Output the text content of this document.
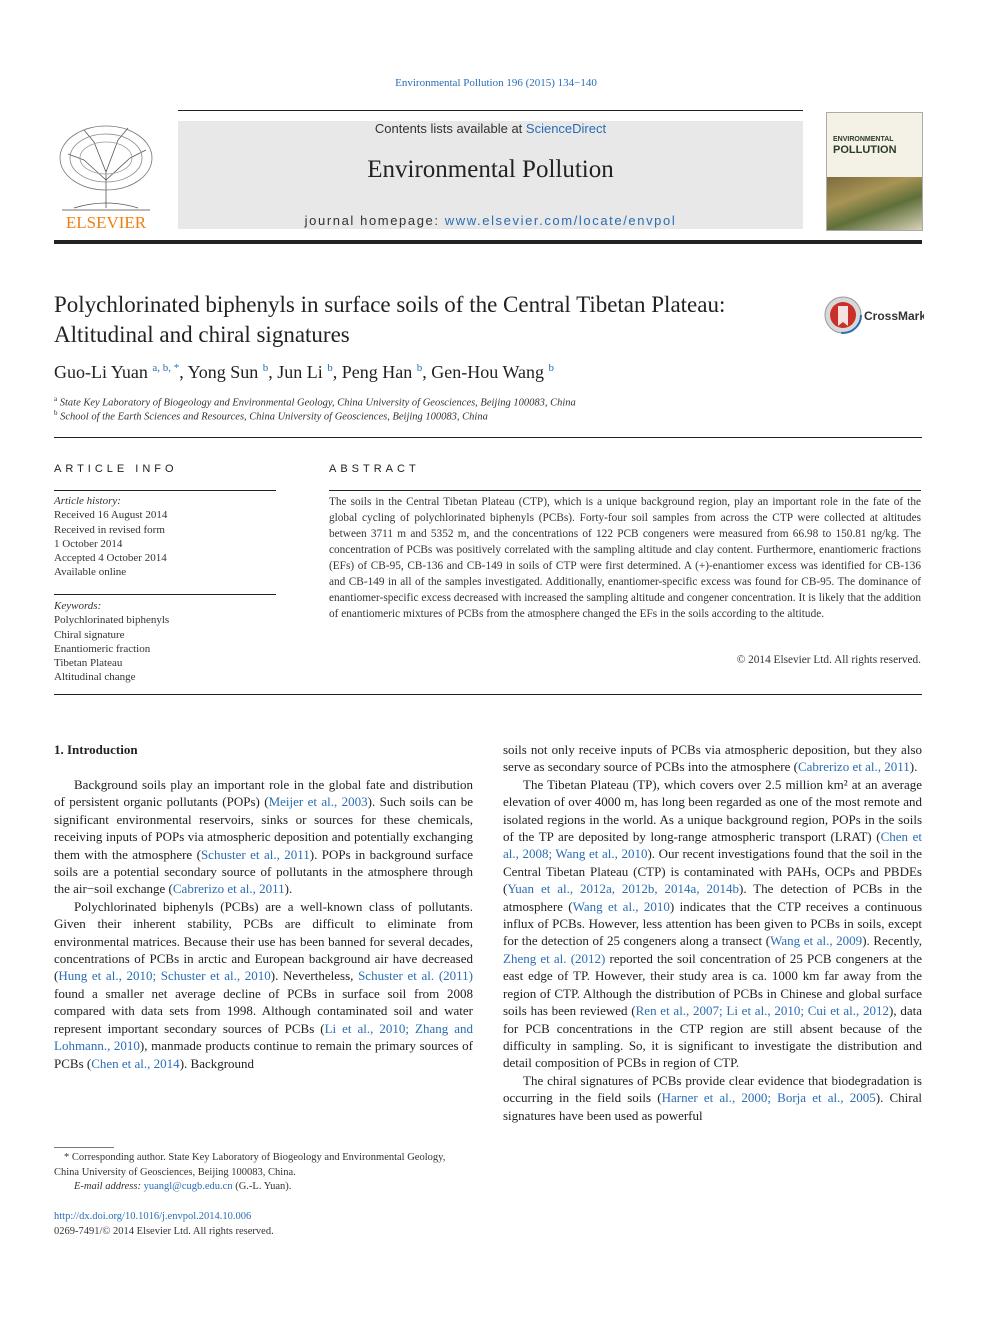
Environmental Pollution 196 (2015) 134−140
ELSEVIER
Contents lists available at ScienceDirect
Environmental Pollution
journal homepage: www.elsevier.com/locate/envpol
ENVIRONMENTAL
POLLUTION
Polychlorinated biphenyls in surface soils of the Central Tibetan Plateau: Altitudinal and chiral signatures
CrossMark
Guo-Li Yuan $^{a, b, *}$, Yong Sun $^b$, Jun Li $^b$, Peng Han $^b$, Gen-Hou Wang $^b$
$^a$ State Key Laboratory of Biogeology and Environmental Geology, China University of Geosciences, Beijing 100083, China
$^b$ School of the Earth Sciences and Resources, China University of Geosciences, Beijing 100083, China
ARTICLE INFO
Article history:
Received 16 August 2014
Received in revised form
1 October 2014
Accepted 4 October 2014
Available online
Keywords:
Polychlorinated biphenyls
Chiral signature
Enantiomeric fraction
Tibetan Plateau
Altitudinal change
ABSTRACT
The soils in the Central Tibetan Plateau (CTP), which is a unique background region, play an important role in the fate of the global cycling of polychlorinated biphenyls (PCBs). Forty-four soil samples from across the CTP were collected at altitudes between 3711 m and 5352 m, and the concentrations of 122 PCB congeners were measured from 66.98 to 150.81 ng/kg. The concentration of PCBs was positively correlated with the sampling altitude and clay content. Furthermore, enantiomeric fractions (EFs) of CB-95, CB-136 and CB-149 in soils of CTP were first determined. A (+)-enantiomer excess was identified for CB-136 and CB-149 in all of the samples investigated. Additionally, enantiomer-specific excess was found for CB-95. The dominance of enantiomer-specific excess decreased with increased the sampling altitude and congener concentration. It is likely that the addition of enantiomeric mixtures of PCBs from the atmosphere changed the EFs in the soils according to the altitude.
© 2014 Elsevier Ltd. All rights reserved.
1. Introduction

Background soils play an important role in the global fate and distribution of persistent organic pollutants (POPs) (Meijer et al., 2003). Such soils can be significant environmental reservoirs, sinks or sources for these chemicals, receiving inputs of POPs via atmospheric deposition and potentially exchanging them with the atmosphere (Schuster et al., 2011). POPs in background surface soils are a potential secondary source of pollutants in the atmosphere through the air−soil exchange (Cabrerizo et al., 2011).

Polychlorinated biphenyls (PCBs) are a well-known class of pollutants. Given their inherent stability, PCBs are difficult to eliminate from environmental matrices. Because their use has been banned for several decades, concentrations of PCBs in arctic and European background air have decreased (Hung et al., 2010; Schuster et al., 2010). Nevertheless, Schuster et al. (2011) found a smaller net average decline of PCBs in surface soil from 2008 compared with data sets from 1998. Although contaminated soil and water represent important secondary sources of PCBs (Li et al., 2010; Zhang and Lohmann., 2010), manmade products continue to remain the primary sources of PCBs (Chen et al., 2014). Background

soils not only receive inputs of PCBs via atmospheric deposition, but they also serve as secondary source of PCBs into the atmosphere (Cabrerizo et al., 2011).

The Tibetan Plateau (TP), which covers over 2.5 million km² at an average elevation of over 4000 m, has long been regarded as one of the most remote and isolated regions in the world. As a unique background region, POPs in the soils of the TP are deposited by long-range atmospheric transport (LRAT) (Chen et al., 2008; Wang et al., 2010). Our recent investigations found that the soil in the Central Tibetan Plateau (CTP) is contaminated with PAHs, OCPs and PBDEs (Yuan et al., 2012a, 2012b, 2014a, 2014b). The detection of PCBs in the atmosphere (Wang et al., 2010) indicates that the CTP receives a continuous influx of PCBs. However, less attention has been given to PCBs in soils, except for the detection of 25 congeners along a transect (Wang et al., 2009). Recently, Zheng et al. (2012) reported the soil concentration of 25 PCB congeners at the east edge of TP. However, their study area is ca. 1000 km far away from the region of CTP. Although the distribution of PCBs in Chinese and global surface soils has been reviewed (Ren et al., 2007; Li et al., 2010; Cui et al., 2012), data for PCB concentrations in the CTP region are still absent because of the difficulty in sampling. So, it is significant to investigate the distribution and detail composition of PCBs in region of CTP.

The chiral signatures of PCBs provide clear evidence that biodegradation is occurring in the field soils (Harner et al., 2000; Borja et al., 2005). Chiral signatures have been used as powerful

* Corresponding author. State Key Laboratory of Biogeology and Environmental Geology, China University of Geosciences, Beijing 100083, China.
E-mail address: yuangl@cugb.edu.cn (G.-L. Yuan).
http://dx.doi.org/10.1016/j.envpol.2014.10.006
0269-7491/© 2014 Elsevier Ltd. All rights reserved.
